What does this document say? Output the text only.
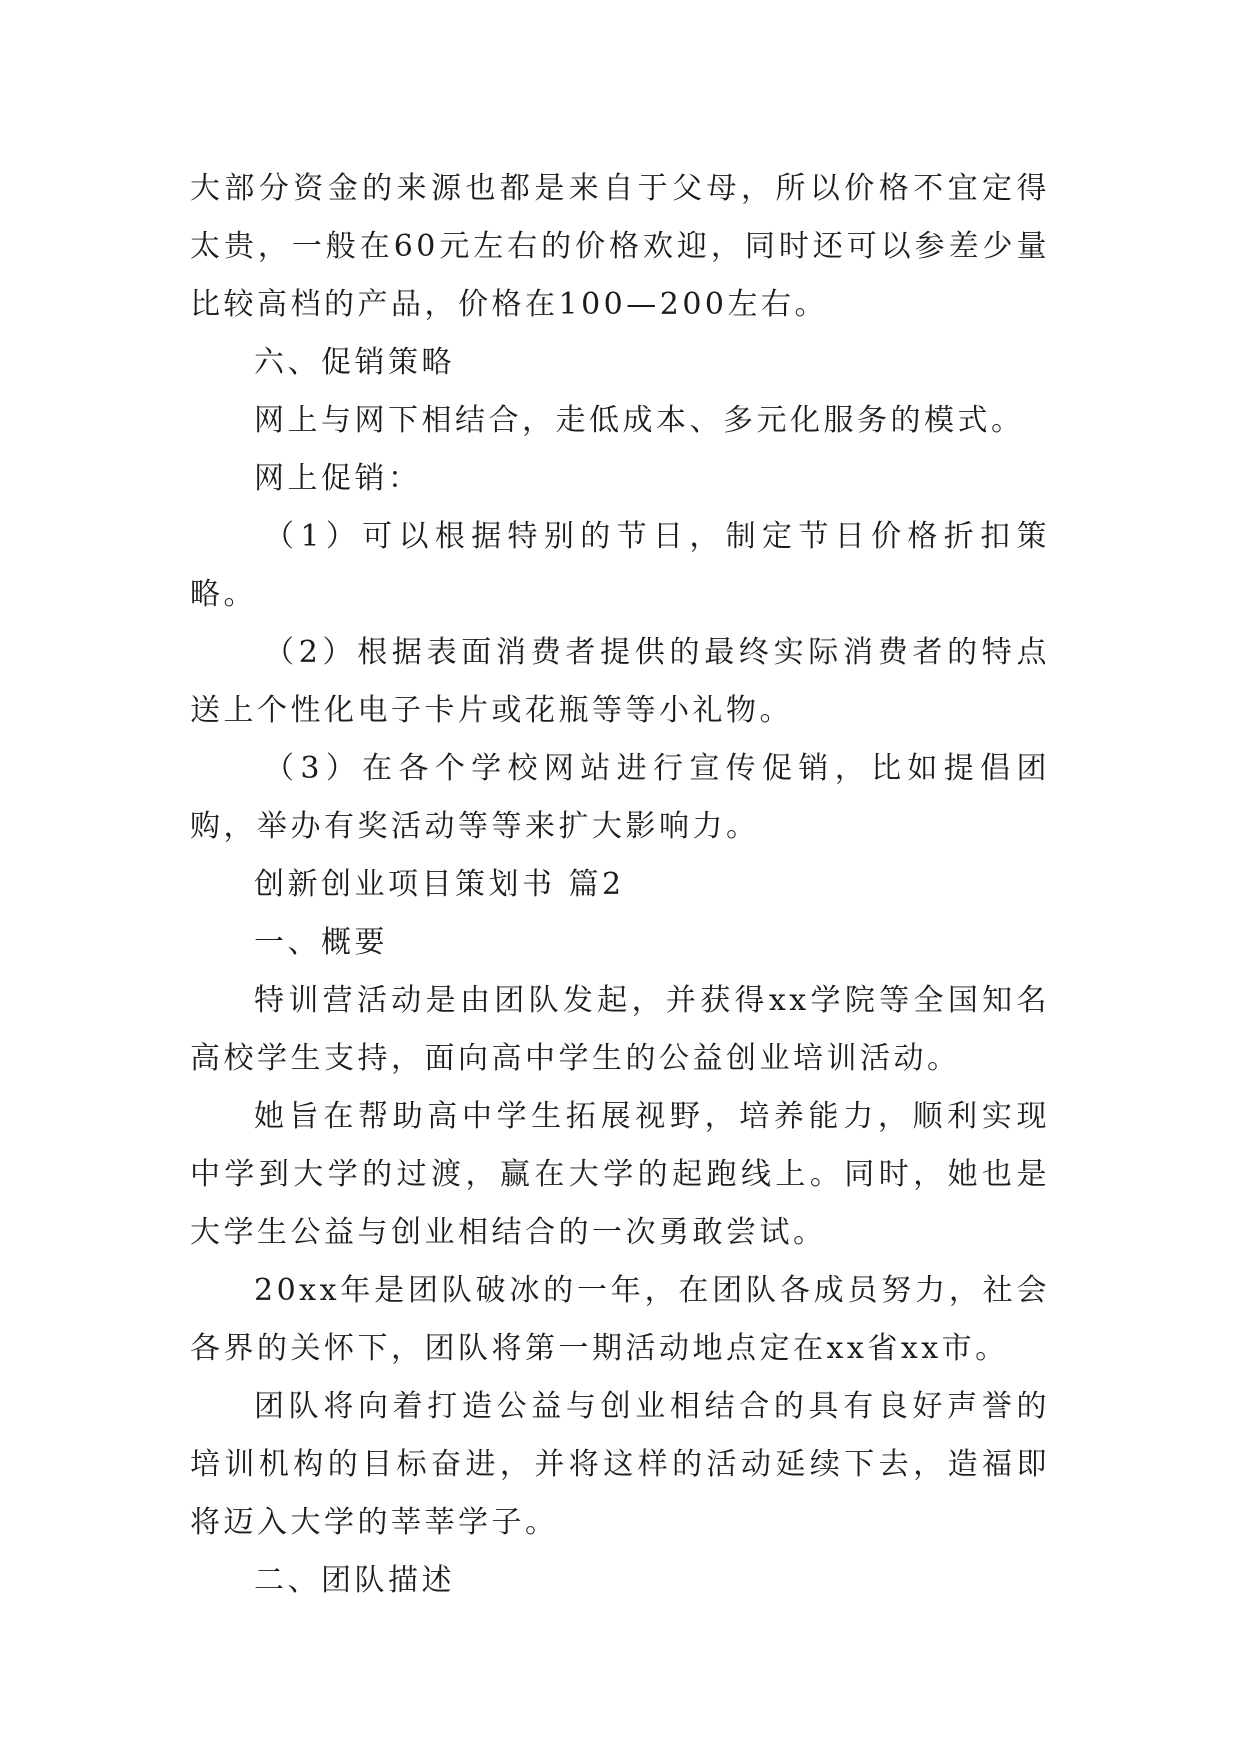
大部分资金的来源也都是来自于父母，所以价格不宜定得太贵，一般在60元左右的价格欢迎，同时还可以参差少量比较高档的产品，价格在100—200左右。

六、促销策略

网上与网下相结合，走低成本、多元化服务的模式。

网上促销：

（1）可以根据特别的节日，制定节日价格折扣策略。

（2）根据表面消费者提供的最终实际消费者的特点送上个性化电子卡片或花瓶等等小礼物。

（3）在各个学校网站进行宣传促销，比如提倡团购，举办有奖活动等等来扩大影响力。

创新创业项目策划书 篇2

一、概要

特训营活动是由团队发起，并获得xx学院等全国知名高校学生支持，面向高中学生的公益创业培训活动。

她旨在帮助高中学生拓展视野，培养能力，顺利实现中学到大学的过渡，赢在大学的起跑线上。同时，她也是大学生公益与创业相结合的一次勇敢尝试。

20xx年是团队破冰的一年，在团队各成员努力，社会各界的关怀下，团队将第一期活动地点定在xx省xx市。

团队将向着打造公益与创业相结合的具有良好声誉的培训机构的目标奋进，并将这样的活动延续下去，造福即将迈入大学的莘莘学子。

二、团队描述
